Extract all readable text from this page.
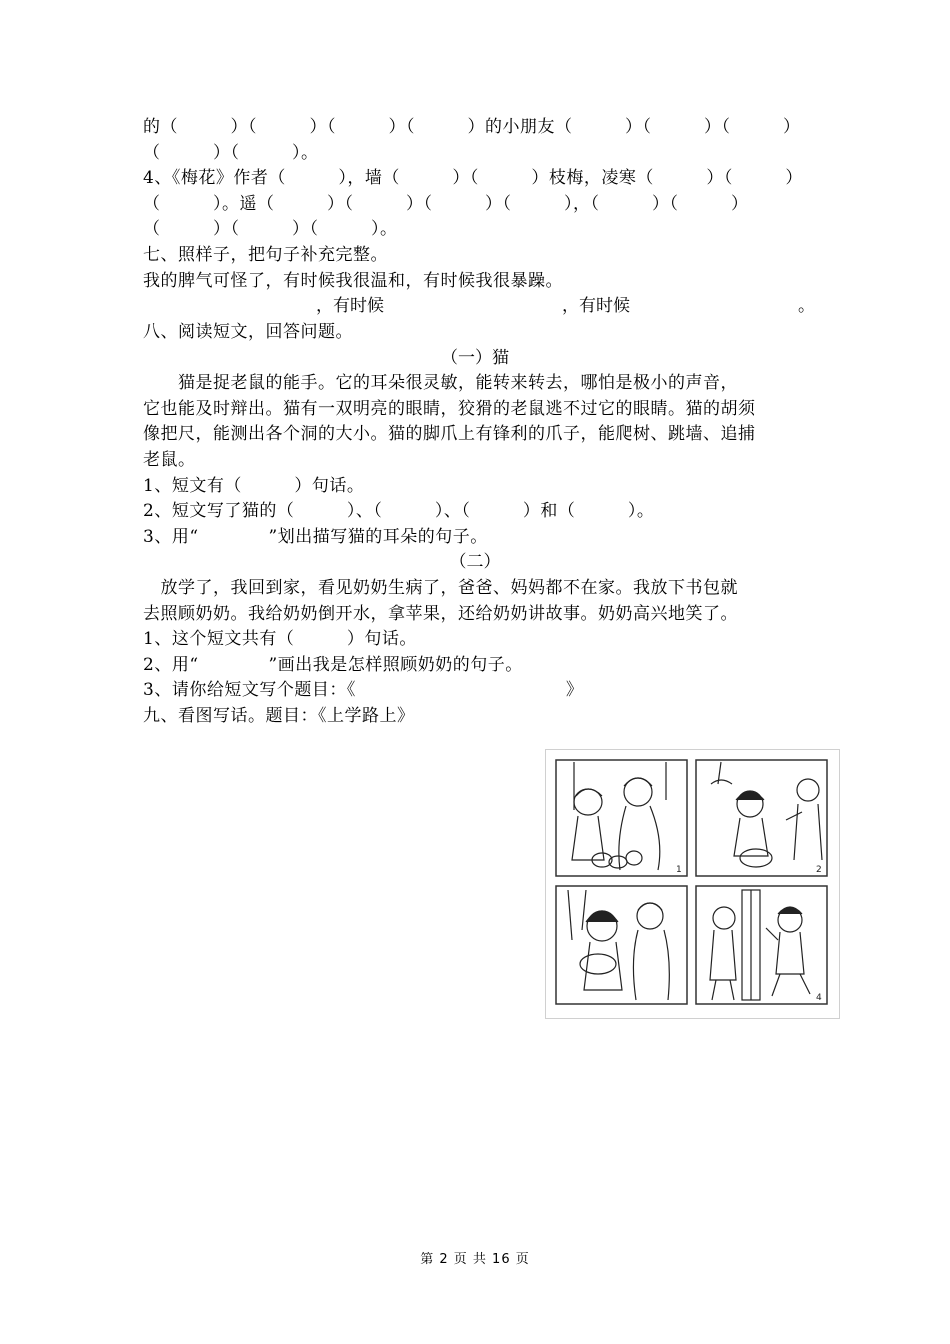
的（　　　）（　　　）（　　　）（　　　）的小朋友（　　　）（　　　）（　　　）
（　　　）（　　　）。
4、《梅花》作者（　　　），墙（　　　）（　　　）枝梅，凌寒（　　　）（　　　）
（　　　）。遥（　　　）（　　　）（　　　）（　　　），（　　　）（　　　）
（　　　）（　　　）（　　　）。
七、照样子，把句子补充完整。
我的脾气可怪了，有时候我很温和，有时候我很暴躁。
，有时候	，有时候	。
八、阅读短文，回答问题。
（一）猫
　　猫是捉老鼠的能手。它的耳朵很灵敏，能转来转去，哪怕是极小的声音，
它也能及时辩出。猫有一双明亮的眼睛，狡猾的老鼠逃不过它的眼睛。猫的胡须
像把尺，能测出各个洞的大小。猫的脚爪上有锋利的爪子，能爬树、跳墙、追捕
老鼠。
1、短文有（　　　）句话。
2、短文写了猫的（　　　）、（　　　）、（　　　）和（　　　）。
3、用“　　　　”划出描写猫的耳朵的句子。
（二）
　放学了，我回到家，看见奶奶生病了，爸爸、妈妈都不在家。我放下书包就
去照顾奶奶。我给奶奶倒开水，拿苹果，还给奶奶讲故事。奶奶高兴地笑了。
1、这个短文共有（　　　）句话。
2、用“　　　　”画出我是怎样照顾奶奶的句子。
3、请你给短文写个题目：《　　　　　　　　　　　　》
九、看图写话。题目：《上学路上》
1	2
4
第 2 页 共 16 页
